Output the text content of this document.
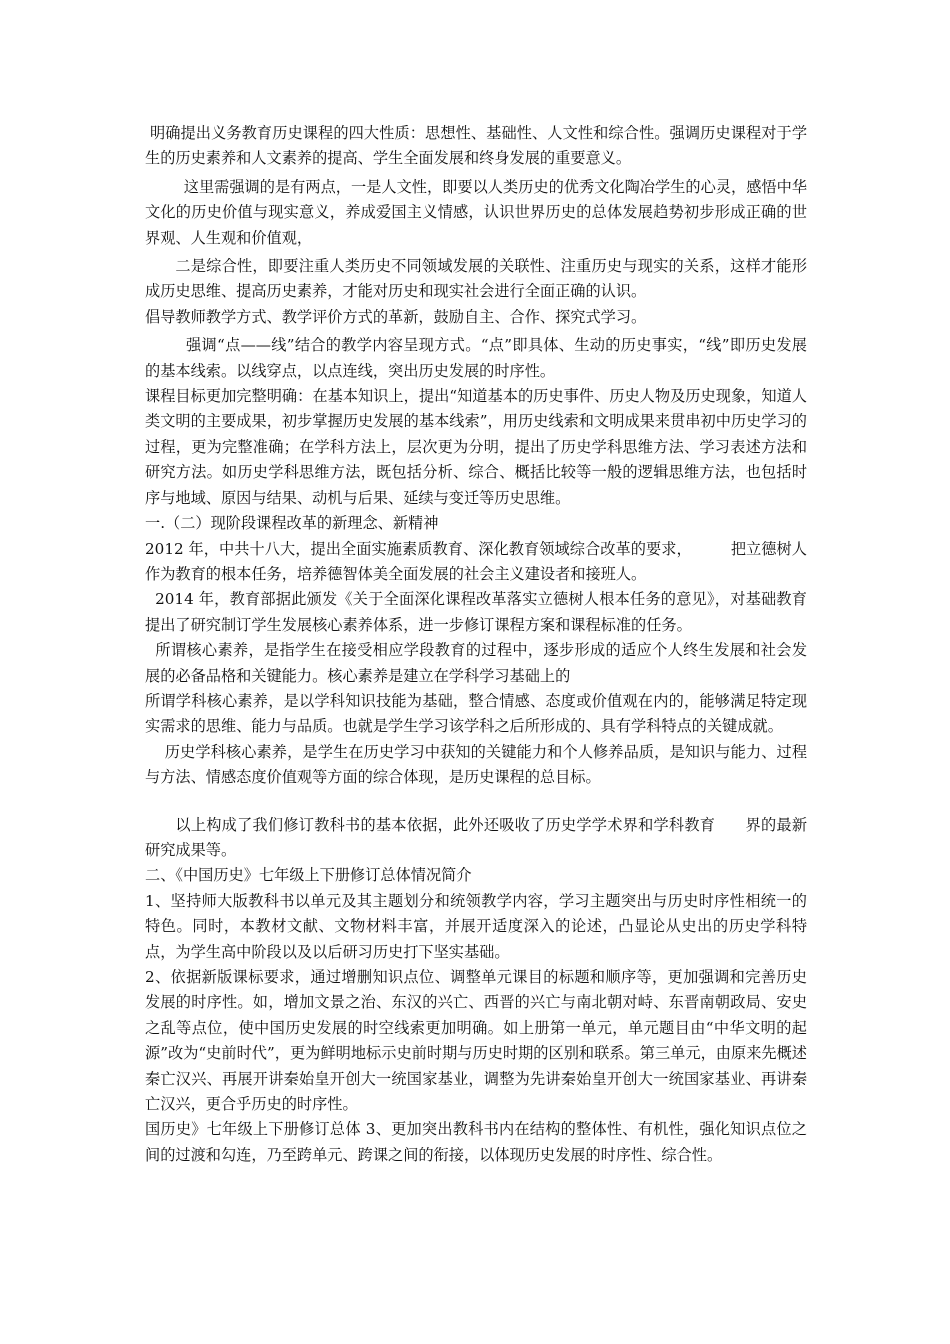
明确提出义务教育历史课程的四大性质：思想性、基础性、人文性和综合性。强调历史课程对于学生的历史素养和人文素养的提高、学生全面发展和终身发展的重要意义。

这里需强调的是有两点，一是人文性，即要以人类历史的优秀文化陶冶学生的心灵，感悟中华文化的历史价值与现实意义，养成爱国主义情感，认识世界历史的总体发展趋势初步形成正确的世界观、人生观和价值观，

二是综合性，即要注重人类历史不同领域发展的关联性、注重历史与现实的关系，这样才能形成历史思维、提高历史素养，才能对历史和现实社会进行全面正确的认识。

倡导教师教学方式、教学评价方式的革新，鼓励自主、合作、探究式学习。

强调“点——线”结合的教学内容呈现方式。“点”即具体、生动的历史事实，“线”即历史发展的基本线索。以线穿点，以点连线，突出历史发展的时序性。

课程目标更加完整明确：在基本知识上，提出“知道基本的历史事件、历史人物及历史现象，知道人类文明的主要成果，初步掌握历史发展的基本线索”，用历史线索和文明成果来贯串初中历史学习的过程，更为完整准确；在学科方法上，层次更为分明，提出了历史学科思维方法、学习表述方法和研究方法。如历史学科思维方法，既包括分析、综合、概括比较等一般的逻辑思维方法，也包括时序与地域、原因与结果、动机与后果、延续与变迁等历史思维。

一.（二）现阶段课程改革的新理念、新精神

2012 年，中共十八大，提出全面实施素质教育、深化教育领域综合改革的要求，        把立德树人作为教育的根本任务，培养德智体美全面发展的社会主义建设者和接班人。

2014 年，教育部据此颁发《关于全面深化课程改革落实立德树人根本任务的意见》，对基础教育提出了研究制订学生发展核心素养体系，进一步修订课程方案和课程标准的任务。

所谓核心素养，是指学生在接受相应学段教育的过程中，逐步形成的适应个人终生发展和社会发展的必备品格和关键能力。核心素养是建立在学科学习基础上的

所谓学科核心素养，是以学科知识技能为基础，整合情感、态度或价值观在内的，能够满足特定现实需求的思维、能力与品质。也就是学生学习该学科之后所形成的、具有学科特点的关键成就。

历史学科核心素养，是学生在历史学习中获知的关键能力和个人修养品质，是知识与能力、过程与方法、情感态度价值观等方面的综合体现，是历史课程的总目标。

以上构成了我们修订教科书的基本依据，此外还吸收了历史学学术界和学科教育      界的最新研究成果等。

二、《中国历史》七年级上下册修订总体情况简介

1、坚持师大版教科书以单元及其主题划分和统领教学内容，学习主题突出与历史时序性相统一的特色。同时，本教材文献、文物材料丰富，并展开适度深入的论述，凸显论从史出的历史学科特点，为学生高中阶段以及以后研习历史打下坚实基础。

2、依据新版课标要求，通过增删知识点位、调整单元课目的标题和顺序等，更加强调和完善历史发展的时序性。如，增加文景之治、东汉的兴亡、西晋的兴亡与南北朝对峙、东晋南朝政局、安史之乱等点位，使中国历史发展的时空线索更加明确。如上册第一单元，单元题目由“中华文明的起源”改为“史前时代”，更为鲜明地标示史前时期与历史时期的区别和联系。第三单元，由原来先概述秦亡汉兴、再展开讲秦始皇开创大一统国家基业，调整为先讲秦始皇开创大一统国家基业、再讲秦亡汉兴，更合乎历史的时序性。

国历史》七年级上下册修订总体 3、更加突出教科书内在结构的整体性、有机性，强化知识点位之间的过渡和勾连，乃至跨单元、跨课之间的衔接，以体现历史发展的时序性、综合性。
